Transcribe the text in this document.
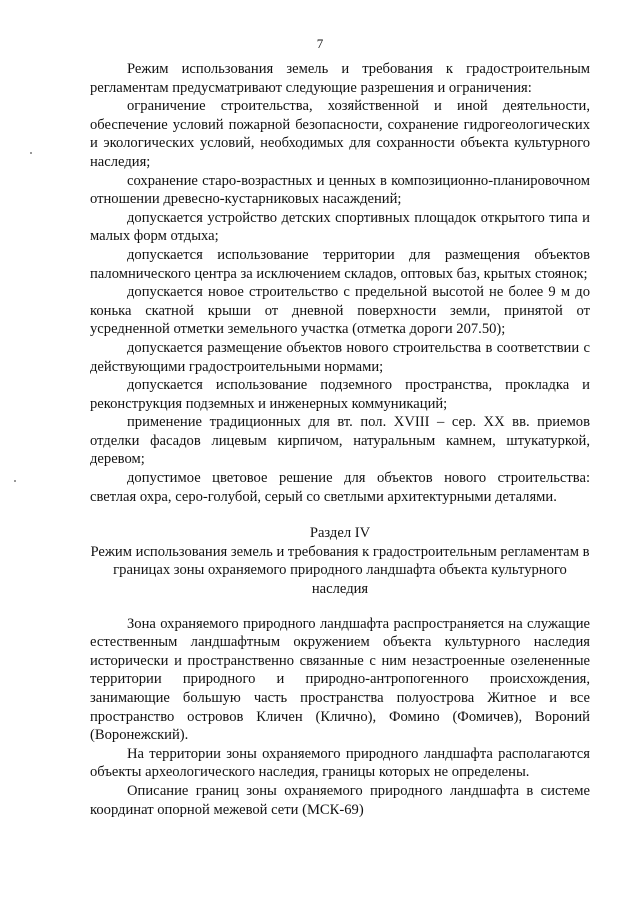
7

Режим использования земель и требования к градостроительным регламентам предусматривают следующие разрешения и ограничения:

ограничение строительства, хозяйственной и иной деятельности, обеспечение условий пожарной безопасности, сохранение гидрогеологических и экологических условий, необходимых для сохранности объекта культурного наследия;

сохранение старо-возрастных и ценных в композиционно-планировочном отношении древесно-кустарниковых насаждений;

допускается устройство детских спортивных площадок открытого типа и малых форм отдыха;

допускается использование территории для размещения объектов паломнического центра за исключением складов, оптовых баз, крытых стоянок;

допускается новое строительство с предельной высотой не более 9 м до конька скатной крыши от дневной поверхности земли, принятой от усредненной отметки земельного участка (отметка дороги 207.50);

допускается размещение объектов нового строительства в соответствии с действующими градостроительными нормами;

допускается использование подземного пространства, прокладка и реконструкция подземных и инженерных коммуникаций;

применение традиционных для вт. пол. XVIII – сер. XX вв. приемов отделки фасадов лицевым кирпичом, натуральным камнем, штукатуркой, деревом;

допустимое цветовое решение для объектов нового строительства: светлая охра, серо-голубой, серый со светлыми архитектурными деталями.

Раздел IV
Режим использования земель и требования к градостроительным регламентам в границах зоны охраняемого природного ландшафта объекта культурного наследия

Зона охраняемого природного ландшафта распространяется на служащие естественным ландшафтным окружением объекта культурного наследия исторически и пространственно связанные с ним незастроенные озелененные территории природного и природно-антропогенного происхождения, занимающие большую часть пространства полуострова Житное и все пространство островов Кличен (Клично), Фомино (Фомичев), Вороний (Воронежский).

На территории зоны охраняемого природного ландшафта располагаются объекты археологического наследия, границы которых не определены.

Описание границ зоны охраняемого природного ландшафта в системе координат опорной межевой сети (МСК-69)
